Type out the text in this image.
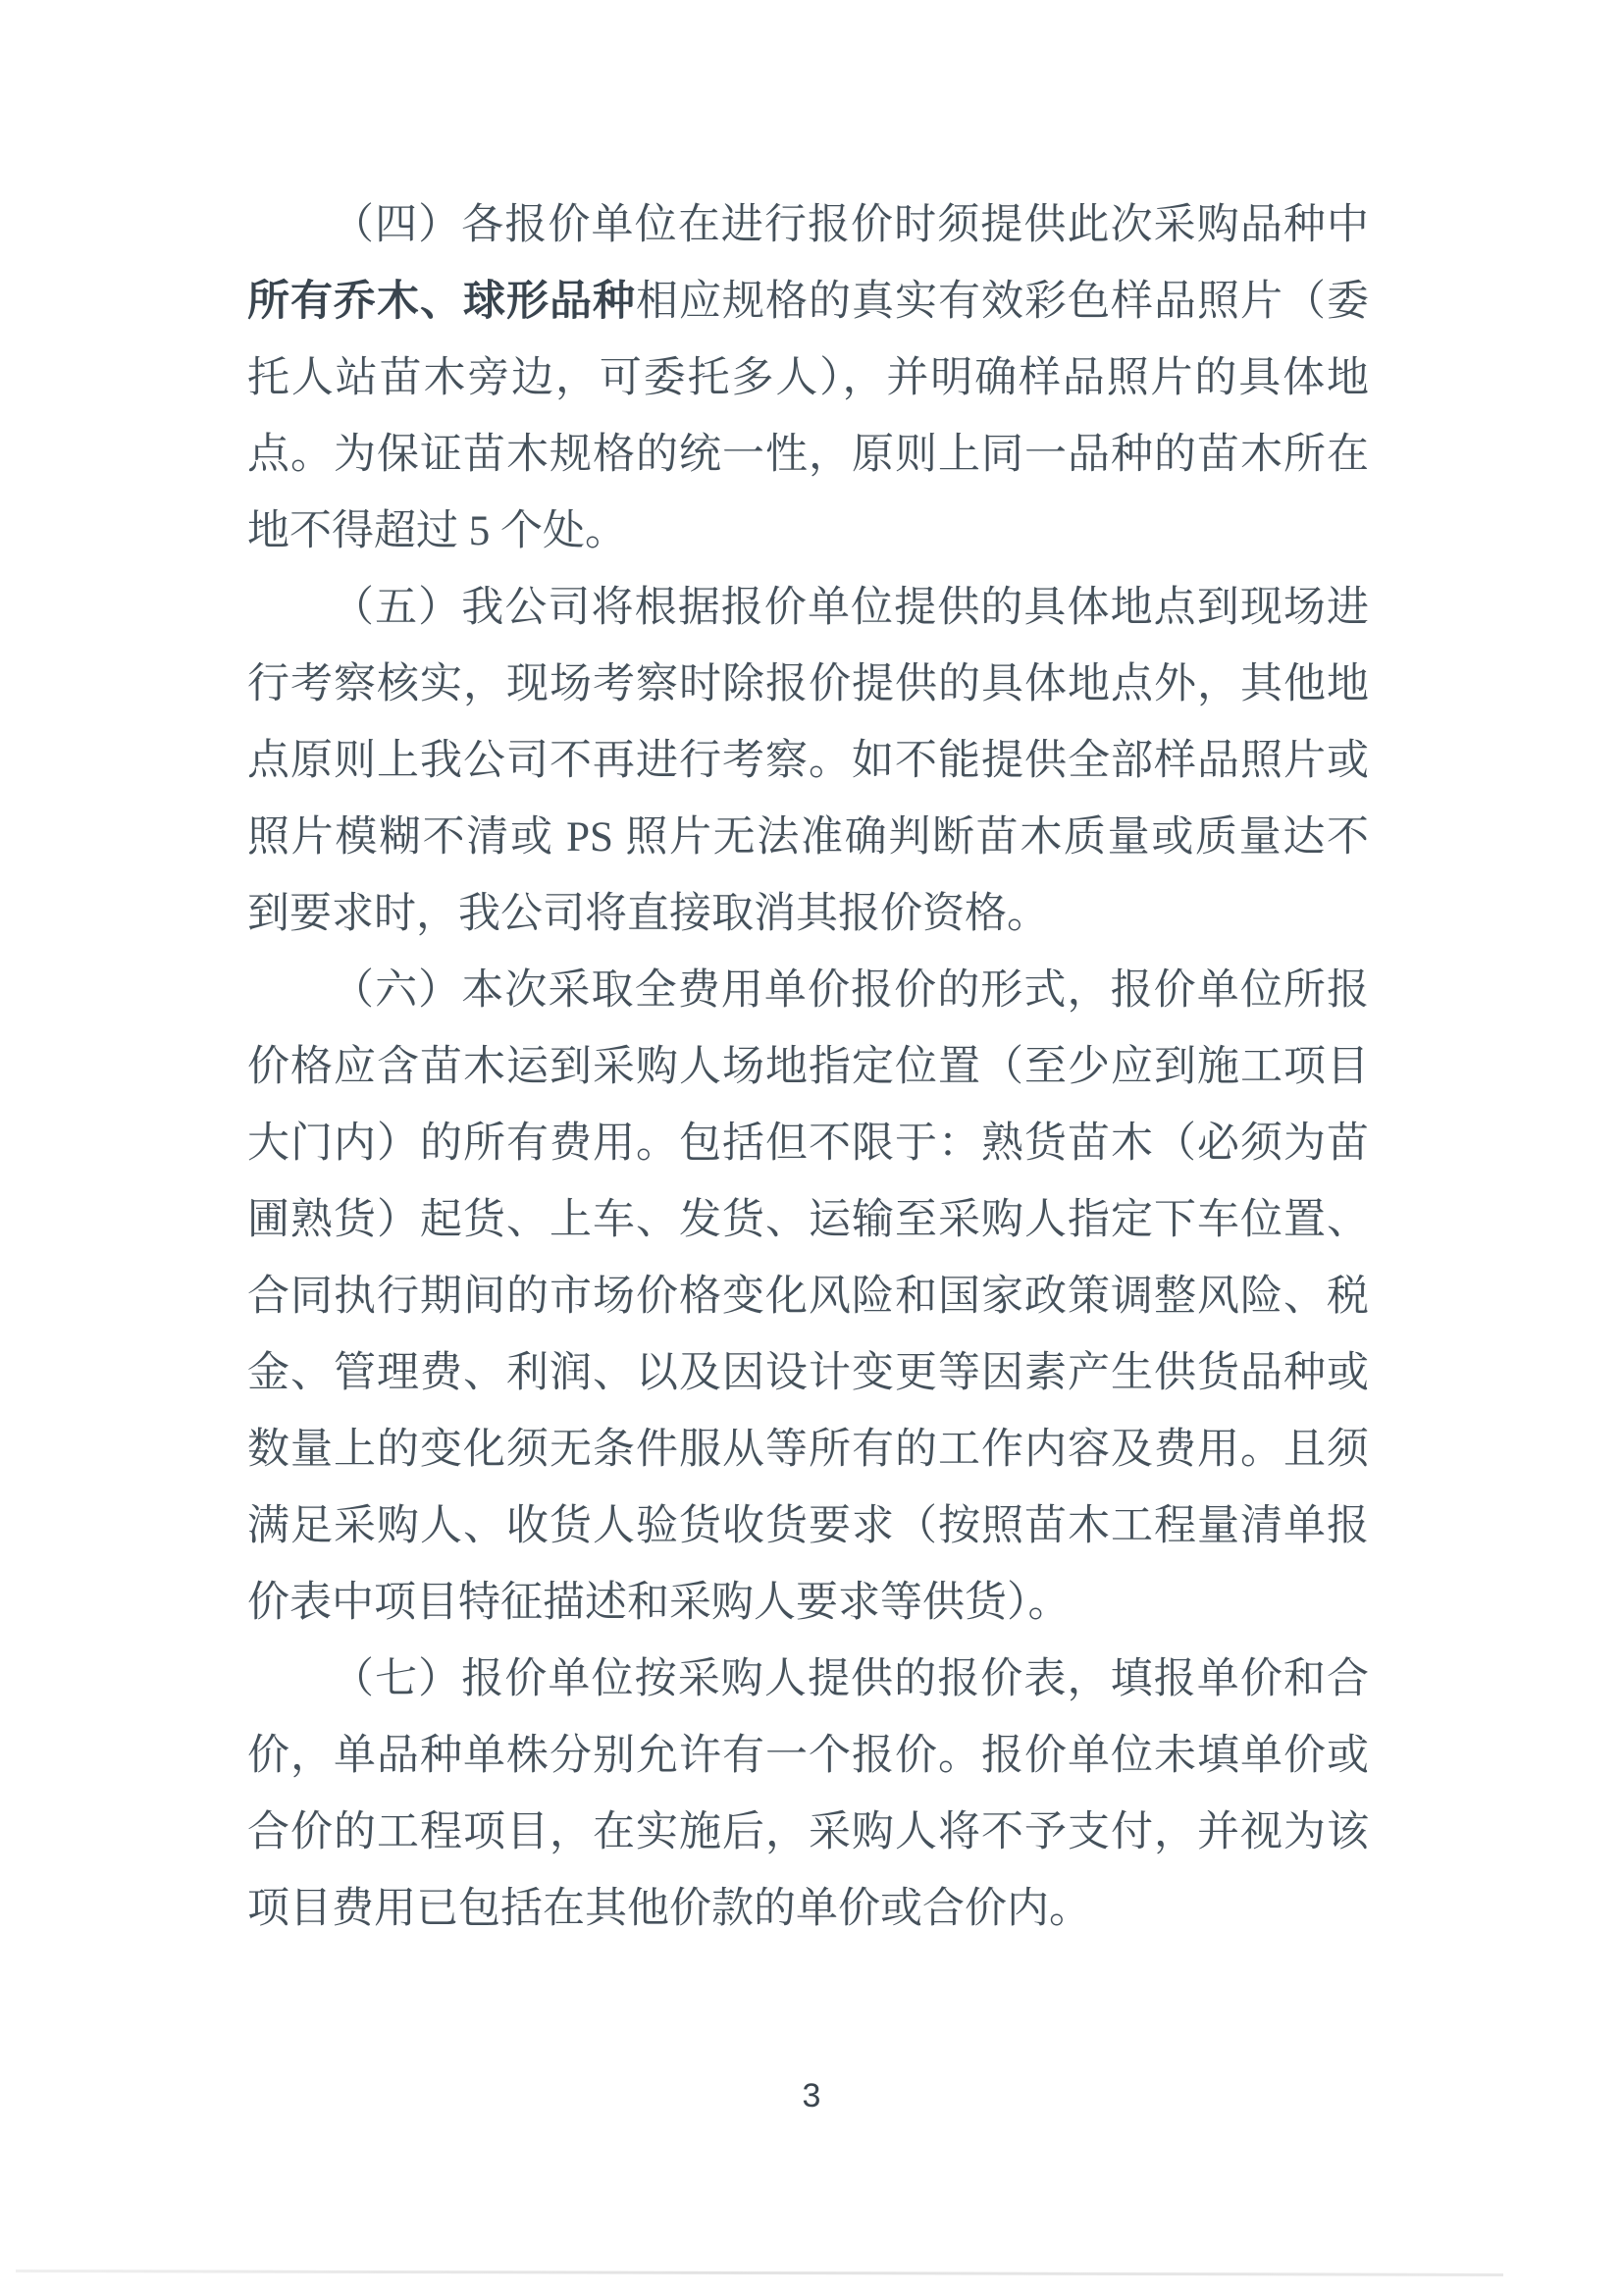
（四）各报价单位在进行报价时须提供此次采购品种中
所有乔木、球形品种相应规格的真实有效彩色样品照片（委
托人站苗木旁边，可委托多人），并明确样品照片的具体地
点。为保证苗木规格的统一性，原则上同一品种的苗木所在
地不得超过 5 个处。
（五）我公司将根据报价单位提供的具体地点到现场进
行考察核实，现场考察时除报价提供的具体地点外，其他地
点原则上我公司不再进行考察。如不能提供全部样品照片或
照片模糊不清或 PS 照片无法准确判断苗木质量或质量达不
到要求时，我公司将直接取消其报价资格。
（六）本次采取全费用单价报价的形式，报价单位所报
价格应含苗木运到采购人场地指定位置（至少应到施工项目
大门内）的所有费用。包括但不限于：熟货苗木（必须为苗
圃熟货）起货、上车、发货、运输至采购人指定下车位置、
合同执行期间的市场价格变化风险和国家政策调整风险、税
金、管理费、利润、以及因设计变更等因素产生供货品种或
数量上的变化须无条件服从等所有的工作内容及费用。且须
满足采购人、收货人验货收货要求（按照苗木工程量清单报
价表中项目特征描述和采购人要求等供货）。
（七）报价单位按采购人提供的报价表，填报单价和合
价，单品种单株分别允许有一个报价。报价单位未填单价或
合价的工程项目，在实施后，采购人将不予支付，并视为该
项目费用已包括在其他价款的单价或合价内。
3
